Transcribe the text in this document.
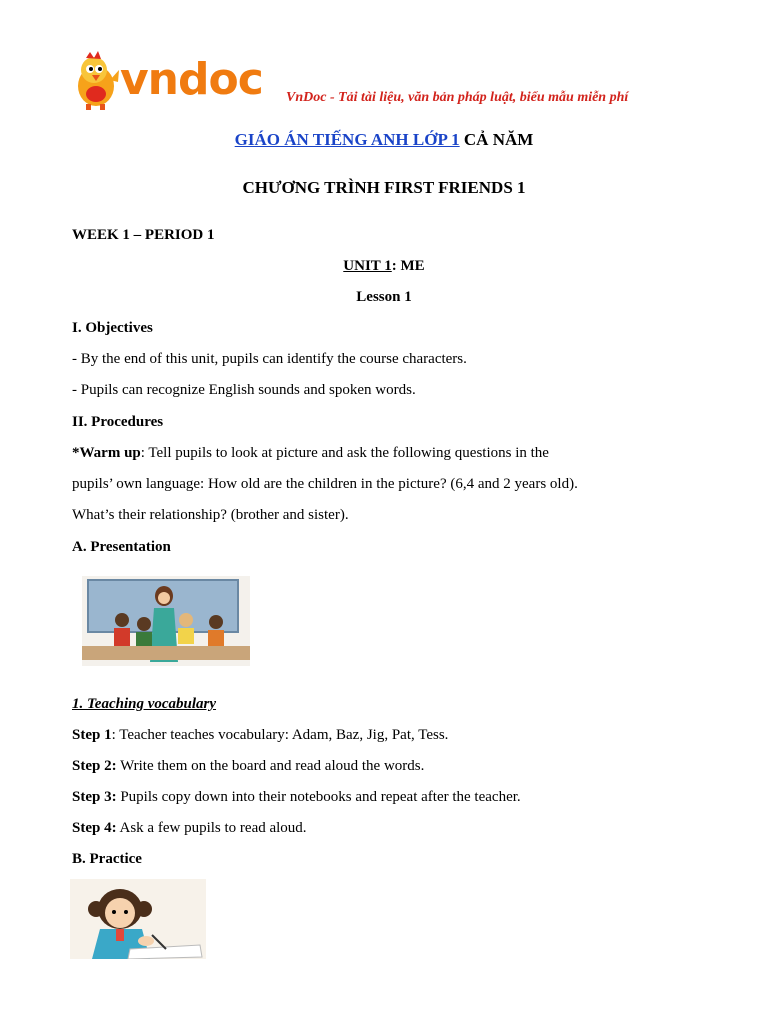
vndoc VnDoc - Tải tài liệu, văn bản pháp luật, biểu mẫu miễn phí
GIÁO ÁN TIẾNG ANH LỚP 1 CẢ NĂM
CHƯƠNG TRÌNH FIRST FRIENDS 1
WEEK 1 – PERIOD 1
UNIT 1: ME
Lesson 1
I. Objectives
- By the end of this unit, pupils can identify the course characters.
- Pupils can recognize English sounds and spoken words.
II. Procedures
*Warm up: Tell pupils to look at picture and ask the following questions in the
pupils’ own language: How old are the children in the picture? (6,4 and 2 years old).
What’s their relationship? (brother and sister).
A. Presentation
1. Teaching vocabulary
Step 1: Teacher teaches vocabulary: Adam, Baz, Jig, Pat, Tess.
Step 2: Write them on the board and read aloud the words.
Step 3: Pupils copy down into their notebooks and repeat after the teacher.
Step 4: Ask a few pupils to read aloud.
B. Practice
